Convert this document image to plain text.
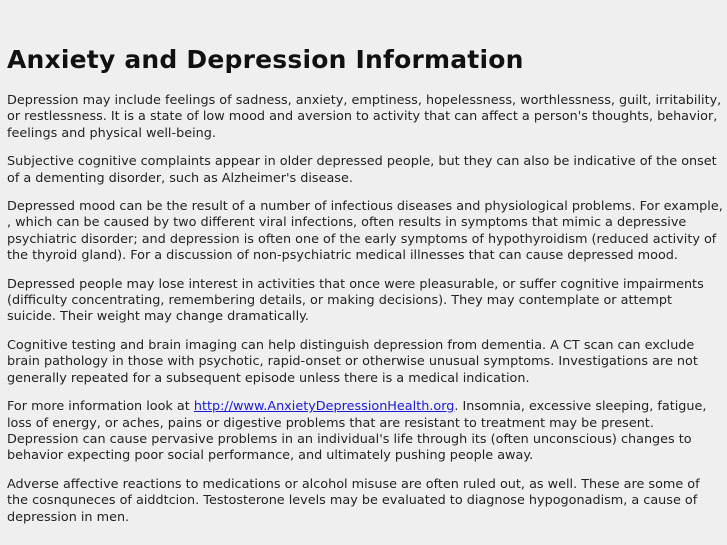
Anxiety and Depression Information

Depression may include feelings of sadness, anxiety, emptiness, hopelessness, worthlessness, guilt, irritability, or restlessness. It is a state of low mood and aversion to activity that can affect a person's thoughts, behavior, feelings and physical well-being.

Subjective cognitive complaints appear in older depressed people, but they can also be indicative of the onset of a dementing disorder, such as Alzheimer's disease.

Depressed mood can be the result of a number of infectious diseases and physiological problems. For example, , which can be caused by two different viral infections, often results in symptoms that mimic a depressive psychiatric disorder; and depression is often one of the early symptoms of hypothyroidism (reduced activity of the thyroid gland). For a discussion of non-psychiatric medical illnesses that can cause depressed mood.

Depressed people may lose interest in activities that once were pleasurable, or suffer cognitive impairments (difficulty concentrating, remembering details, or making decisions). They may contemplate or attempt suicide. Their weight may change dramatically.

Cognitive testing and brain imaging can help distinguish depression from dementia. A CT scan can exclude brain pathology in those with psychotic, rapid-onset or otherwise unusual symptoms. Investigations are not generally repeated for a subsequent episode unless there is a medical indication.

For more information look at http://www.AnxietyDepressionHealth.org. Insomnia, excessive sleeping, fatigue, loss of energy, or aches, pains or digestive problems that are resistant to treatment may be present. Depression can cause pervasive problems in an individual's life through its (often unconscious) changes to behavior expecting poor social performance, and ultimately pushing people away.

Adverse affective reactions to medications or alcohol misuse are often ruled out, as well. These are some of the cosnquneces of aiddtcion. Testosterone levels may be evaluated to diagnose hypogonadism, a cause of depression in men.
